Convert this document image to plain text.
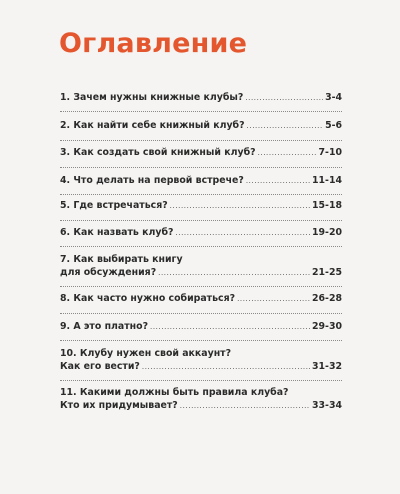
Оглавление
1. Зачем нужны книжные клубы? .....	3-4
2. Как найти себе книжный клуб? .....	5-6
3. Как создать свой книжный клуб? .....	7-10
4. Что делать на первой встрече? .....	11-14
5. Где встречаться? .....	15-18
6. Как назвать клуб? .....	19-20
7. Как выбирать книгу
для обсуждения? .....	21-25
8. Как часто нужно собираться? .....	26-28
9. А это платно? .....	29-30
10. Клубу нужен свой аккаунт?
Как его вести? .....	31-32
11. Какими должны быть правила клуба?
Кто их придумывает? .....	33-34
